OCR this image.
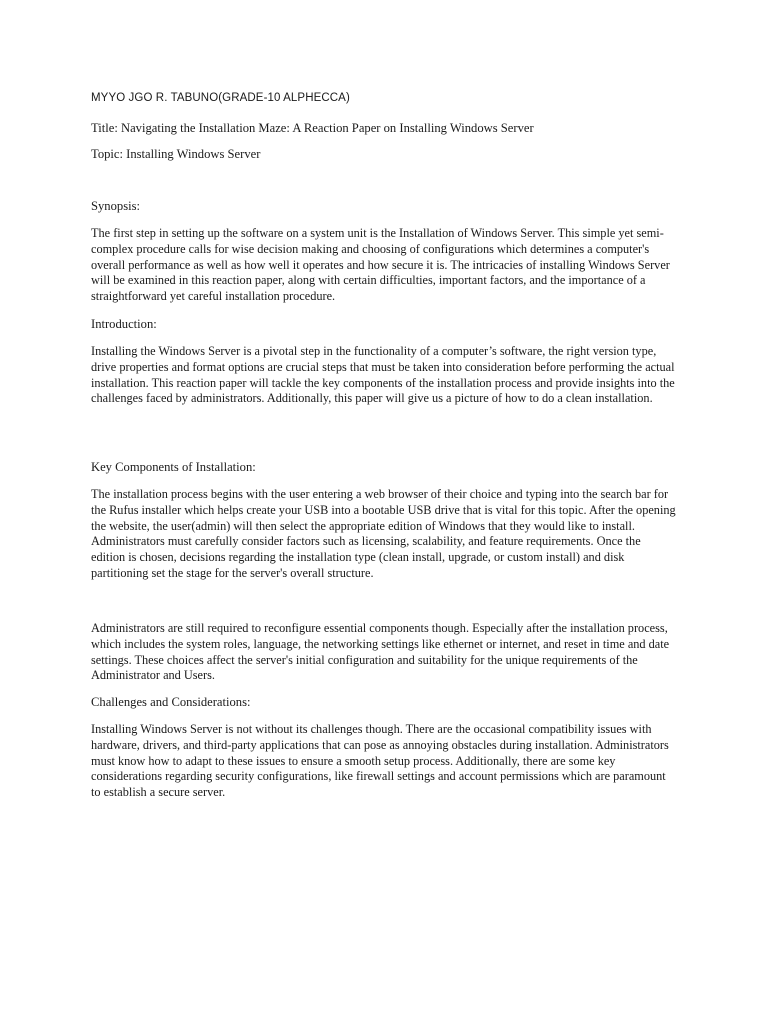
MYYO JGO R. TABUNO(GRADE-10 ALPHECCA)
Title: Navigating the Installation Maze: A Reaction Paper on Installing Windows Server
Topic: Installing Windows Server
Synopsis:
The first step in setting up the software on a system unit is the Installation of Windows Server. This simple yet semi-complex procedure calls for wise decision making and choosing of configurations which determines a computer's overall performance as well as how well it operates and how secure it is. The intricacies of installing Windows Server will be examined in this reaction paper, along with certain difficulties, important factors, and the importance of a straightforward yet careful installation procedure.
Introduction:
Installing the Windows Server is a pivotal step in the functionality of a computer’s software, the right version type, drive properties and format options are crucial steps that must be taken into consideration before performing the actual installation. This reaction paper will tackle the key components of the installation process and provide insights into the challenges faced by administrators. Additionally, this paper will give us a picture of how to do a clean installation.
Key Components of Installation:
The installation process begins with the user entering a web browser of their choice and typing into the search bar for the Rufus installer which helps create your USB into a bootable USB drive that is vital for this topic. After the opening the website, the user(admin) will then select the appropriate edition of Windows that they would like to install. Administrators must carefully consider factors such as licensing, scalability, and feature requirements. Once the edition is chosen, decisions regarding the installation type (clean install, upgrade, or custom install) and disk partitioning set the stage for the server's overall structure.
Administrators are still required to reconfigure essential components though. Especially after the installation process, which includes the system roles, language, the networking settings like ethernet or internet, and reset in time and date settings. These choices affect the server's initial configuration and suitability for the unique requirements of the Administrator and Users.
Challenges and Considerations:
Installing Windows Server is not without its challenges though. There are the occasional compatibility issues with hardware, drivers, and third-party applications that can pose as annoying obstacles during installation. Administrators must know how to adapt to these issues to ensure a smooth setup process. Additionally, there are some key considerations regarding security configurations, like firewall settings and account permissions which are paramount to establish a secure server.
